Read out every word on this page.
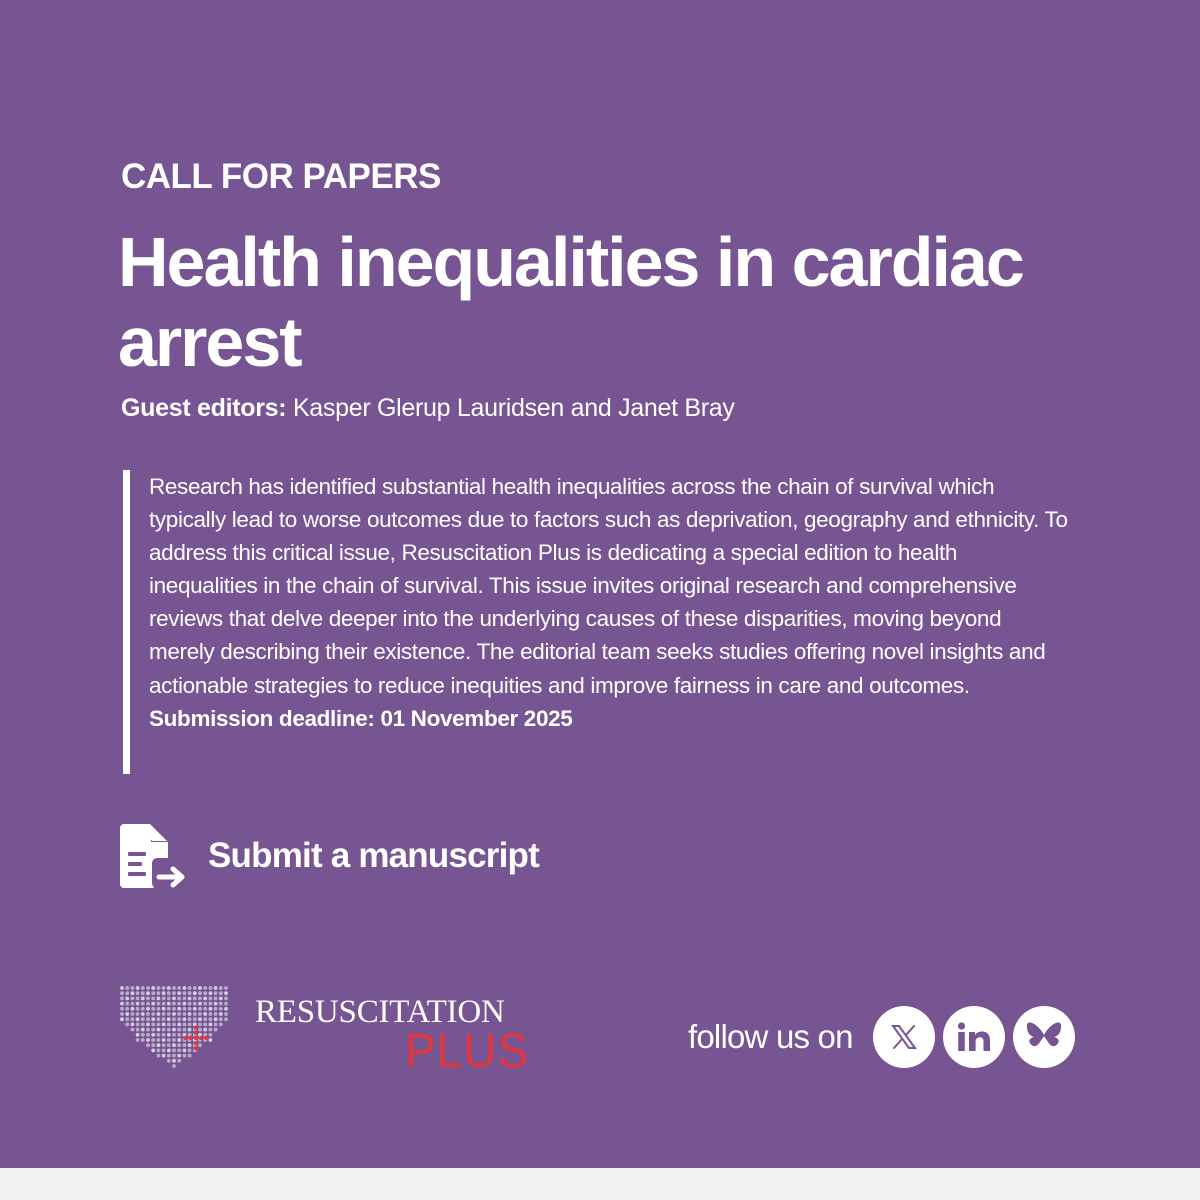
CALL FOR PAPERS
Health inequalities in cardiac arrest
Guest editors: Kasper Glerup Lauridsen and Janet Bray

Research has identified substantial health inequalities across the chain of survival which typically lead to worse outcomes due to factors such as deprivation, geography and ethnicity. To address this critical issue, Resuscitation Plus is dedicating a special edition to health inequalities in the chain of survival. This issue invites original research and comprehensive reviews that delve deeper into the underlying causes of these disparities, moving beyond merely describing their existence. The editorial team seeks studies offering novel insights and actionable strategies to reduce inequities and improve fairness in care and outcomes.
Submission deadline: 01 November 2025

Submit a manuscript
RESUSCITATION
PLUS	follow us on
